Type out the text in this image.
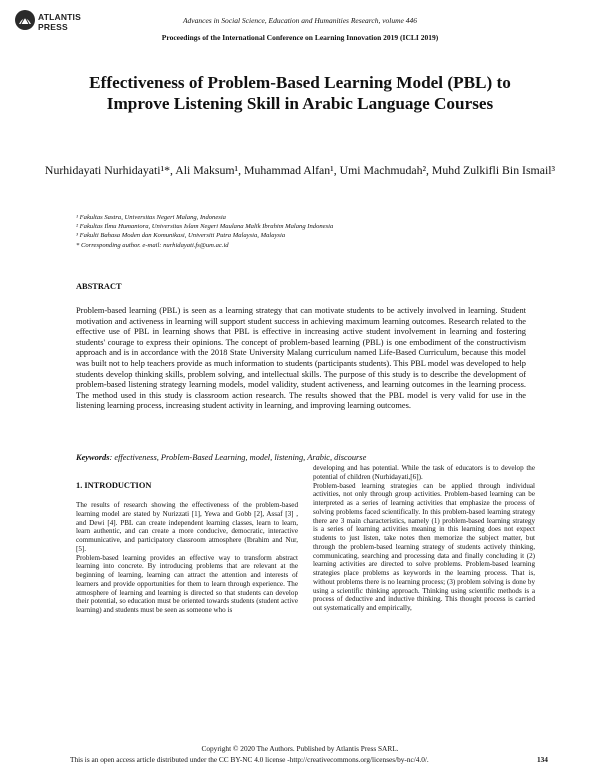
ATLANTIS
PRESS
Advances in Social Science, Education and Humanities Research, volume 446
Proceedings of the International Conference on Learning Innovation 2019 (ICLI 2019)
Effectiveness of Problem-Based Learning Model (PBL) to Improve Listening Skill in Arabic Language Courses
Nurhidayati Nurhidayati¹*, Ali Maksum¹, Muhammad Alfan¹, Umi Machmudah², Muhd Zulkifli Bin Ismail³
¹ Fakultas Sastra, Universitas Negeri Malang, Indonesia
² Fakultas Ilmu Humaniora, Universitas Islam Negeri Maulana Malik Ibrahim Malang Indonesia
³ Fakulti Bahasa Moden dan Komunikasi, Universiti Putra Malaysia, Malaysia
* Corresponding author. e-mail: nurhidayati.fs@um.ac.id
ABSTRACT

Problem-based learning (PBL) is seen as a learning strategy that can motivate students to be actively involved in learning. Student motivation and activeness in learning will support student success in achieving maximum learning outcomes. Research related to the effective use of PBL in learning shows that PBL is effective in increasing active student involvement in learning and fostering students' courage to express their opinions. The concept of problem-based learning (PBL) is one embodiment of the constructivism approach and is in accordance with the 2018 State University Malang curriculum named Life-Based Curriculum, because this model was built not to help teachers provide as much information to students (participants students). This PBL model was developed to help students develop thinking skills, problem solving, and intellectual skills. The purpose of this study is to describe the development of problem-based listening strategy learning models, model validity, student activeness, and learning outcomes in the learning process. The method used in this study is classroom action research. The results showed that the PBL model is very valid for use in the listening learning process, increasing student activity in learning, and improving learning outcomes.

Keywords: effectiveness, Problem-Based Learning, model, listening, Arabic, discourse
1. INTRODUCTION

The results of research showing the effectiveness of the problem-based learning model are stated by Nurizzati [1], Yewa and Gobb [2], Assaf [3] , and Dewi [4]. PBL can create independent learning classes, learn to learn, learn authentic, and can create a more conducive, democratic, interactive communicative, and participatory classroom atmosphere (Ibrahim and Nur, [5].

Problem-based learning provides an effective way to transform abstract learning into concrete. By introducing problems that are relevant at the beginning of learning, learning can attract the attention and interests of learners and provide opportunities for them to learn through experience. The atmosphere of learning and learning is directed so that students can develop their potential, so education must be oriented towards students (student active learning) and students must be seen as someone who is

developing and has potential. While the task of educators is to develop the potential of children (Nurhidayati,[6]).

Problem-based learning strategies can be applied through individual activities, not only through group activities. Problem-based learning can be interpreted as a series of learning activities that emphasize the process of solving problems faced scientifically. In this problem-based learning strategy there are 3 main characteristics, namely (1) problem-based learning strategy is a series of learning activities meaning in this learning does not expect students to just listen, take notes then memorize the subject matter, but through the problem-based learning strategy of students actively thinking, communicating, searching and processing data and finally concluding it (2) learning activities are directed to solve problems. Problem-based learning strategies place problems as keywords in the learning process. That is, without problems there is no learning process; (3) problem solving is done by using a scientific thinking approach. Thinking using scientific methods is a process of deductive and inductive thinking. This thought process is carried out systematically and empirically,

Copyright © 2020 The Authors. Published by Atlantis Press SARL.
This is an open access article distributed under the CC BY-NC 4.0 license -http://creativecommons.org/licenses/by-nc/4.0/.	134
